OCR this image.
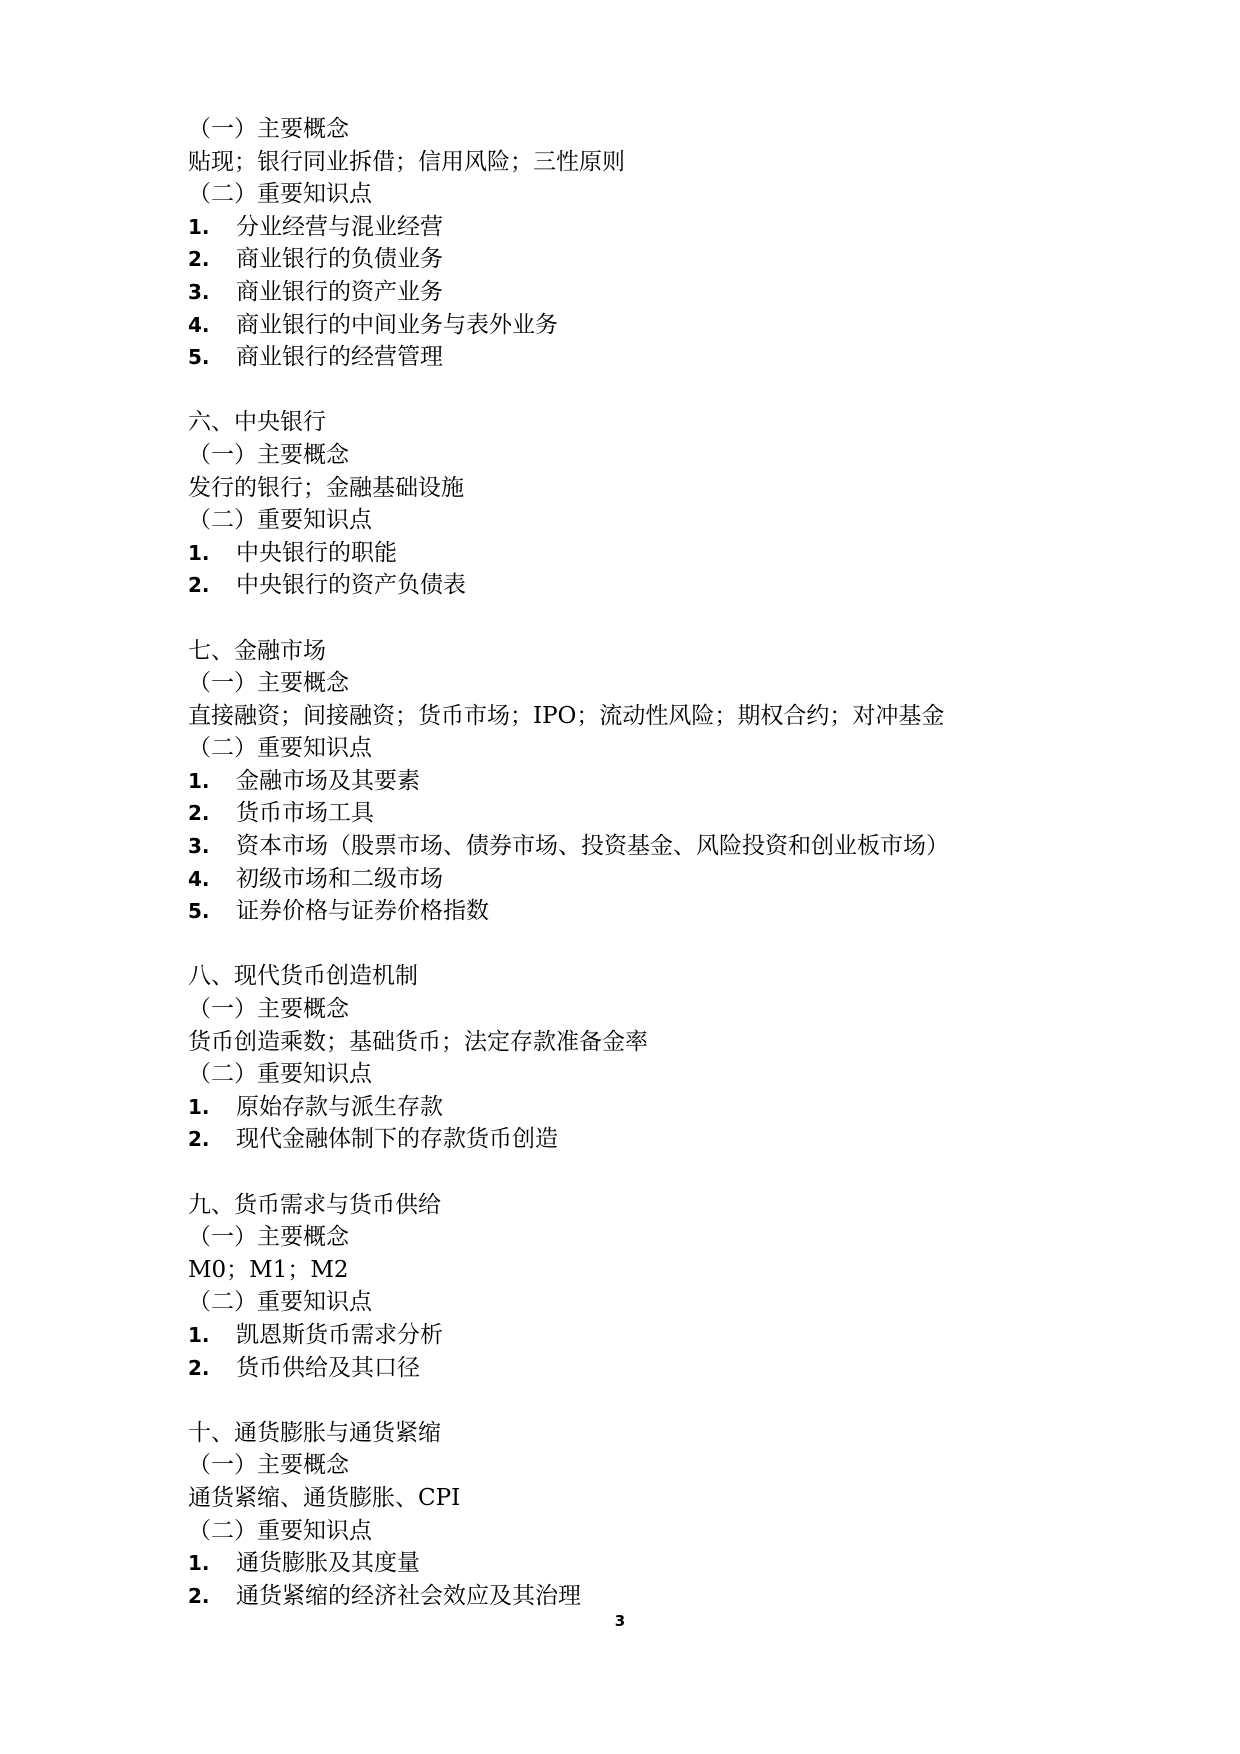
（一）主要概念
贴现；银行同业拆借；信用风险；三性原则
（二）重要知识点
1. 分业经营与混业经营
2. 商业银行的负债业务
3. 商业银行的资产业务
4. 商业银行的中间业务与表外业务
5. 商业银行的经营管理
六、中央银行
（一）主要概念
发行的银行；金融基础设施
（二）重要知识点
1. 中央银行的职能
2. 中央银行的资产负债表
七、金融市场
（一）主要概念
直接融资；间接融资；货币市场；IPO；流动性风险；期权合约；对冲基金
（二）重要知识点
1. 金融市场及其要素
2. 货币市场工具
3. 资本市场（股票市场、债券市场、投资基金、风险投资和创业板市场）
4. 初级市场和二级市场
5. 证券价格与证券价格指数
八、现代货币创造机制
（一）主要概念
货币创造乘数；基础货币；法定存款准备金率
（二）重要知识点
1. 原始存款与派生存款
2. 现代金融体制下的存款货币创造
九、货币需求与货币供给
（一）主要概念
M0；M1；M2
（二）重要知识点
1. 凯恩斯货币需求分析
2. 货币供给及其口径
十、通货膨胀与通货紧缩
（一）主要概念
通货紧缩、通货膨胀、CPI
（二）重要知识点
1. 通货膨胀及其度量
2. 通货紧缩的经济社会效应及其治理
3
